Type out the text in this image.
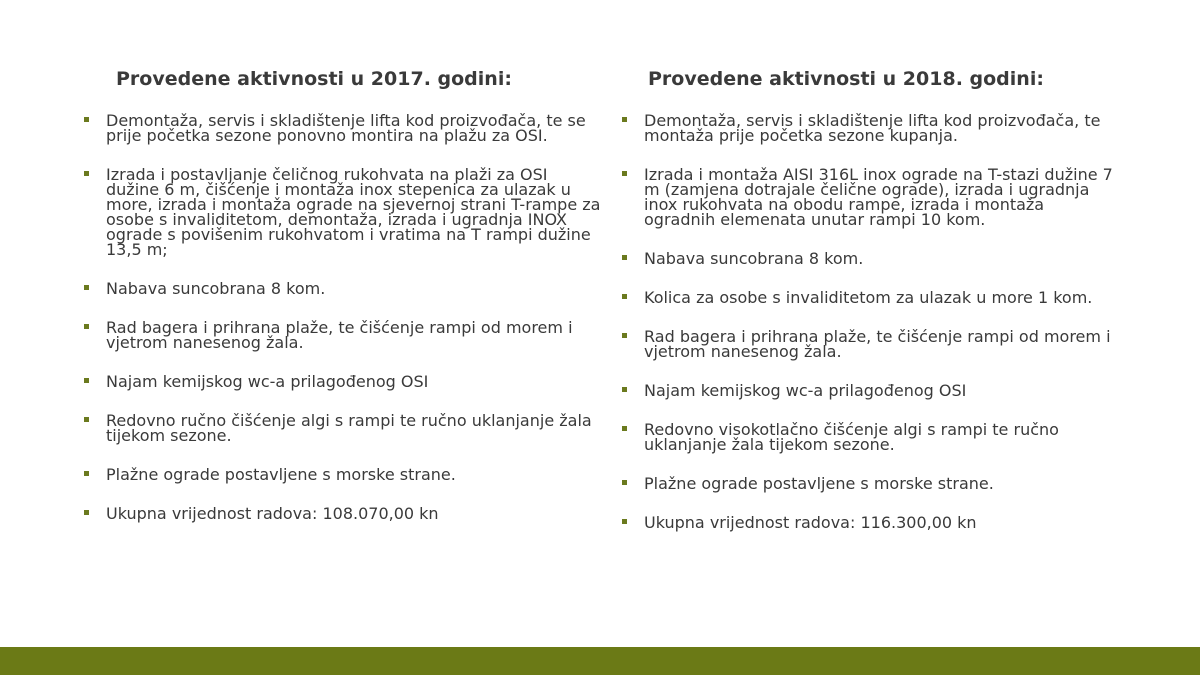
Provedene aktivnosti u 2017. godini:
Demontaža, servis i skladištenje lifta kod proizvođača, te se prije početka sezone ponovno montira na plažu za OSI.
Izrada i postavljanje čeličnog rukohvata na plaži za OSI dužine 6 m, čišćenje i montaža inox stepenica za ulazak u more, izrada i montaža ograde na sjevernoj strani T-rampe za osobe s invaliditetom, demontaža, izrada i ugradnja INOX ograde s povišenim rukohvatom i vratima na T rampi dužine 13,5 m;
Nabava suncobrana 8 kom.
Rad bagera i prihrana plaže, te čišćenje rampi od morem i vjetrom nanesenog žala.
Najam kemijskog wc-a prilagođenog OSI
Redovno ručno čišćenje algi s rampi te ručno uklanjanje žala tijekom sezone.
Plažne ograde postavljene s morske strane.
Ukupna vrijednost radova: 108.070,00 kn
Provedene aktivnosti u 2018. godini:
Demontaža, servis i skladištenje lifta kod proizvođača, te montaža prije početka sezone kupanja.
Izrada i montaža AISI 316L inox ograde na T-stazi dužine 7 m (zamjena dotrajale čelične ograde), izrada i ugradnja inox rukohvata na obodu rampe, izrada i montaža ogradnih elemenata unutar rampi 10 kom.
Nabava suncobrana 8 kom.
Kolica za osobe s invaliditetom za ulazak u more 1 kom.
Rad bagera i prihrana plaže, te čišćenje rampi od morem i vjetrom nanesenog žala.
Najam kemijskog wc-a prilagođenog OSI
Redovno visokotlačno čišćenje algi s rampi te ručno uklanjanje žala tijekom sezone.
Plažne ograde postavljene s morske strane.
Ukupna vrijednost radova: 116.300,00 kn
